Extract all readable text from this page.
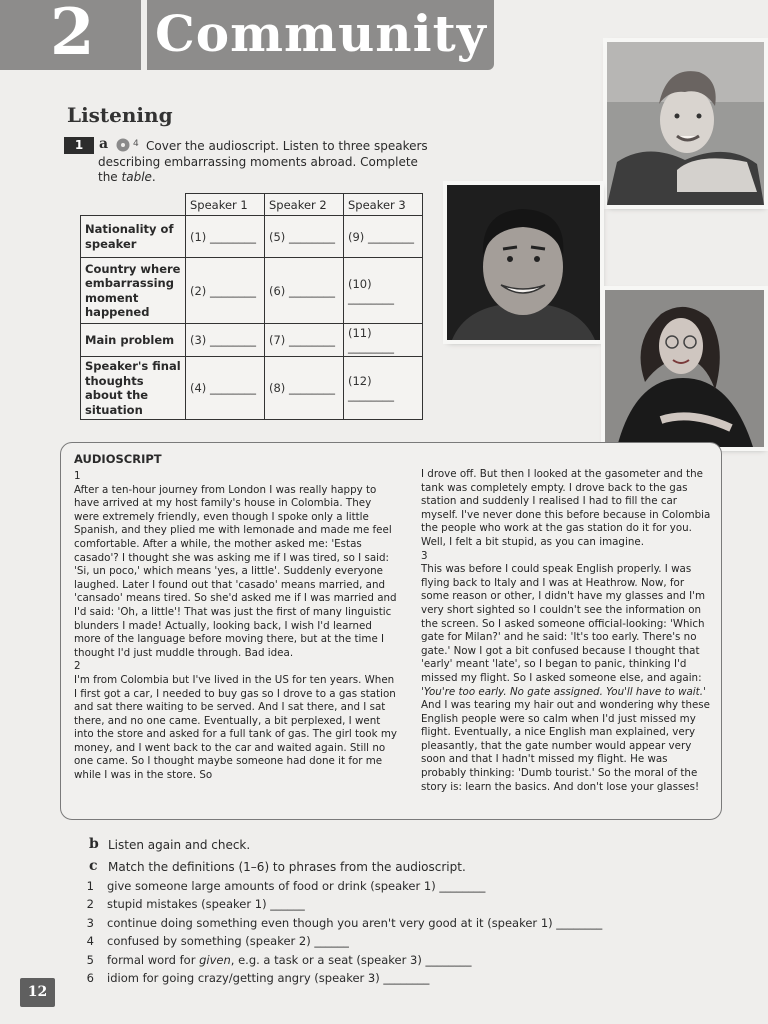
2 Community
Listening
1	a	4 Cover the audioscript. Listen to three speakers describing embarrassing moments abroad. Complete the table.
	Speaker 1	Speaker 2	Speaker 3
Nationality of speaker	(1) ________	(5) ________	(9) ________
Country where embarrassing moment happened	(2) ________	(6) ________	(10) ________
Main problem	(3) ________	(7) ________	(11) ________
Speaker's final thoughts about the situation	(4) ________	(8) ________	(12) ________
AUDIOSCRIPT

1

After a ten-hour journey from London I was really happy to have arrived at my host family's house in Colombia. They were extremely friendly, even though I spoke only a little Spanish, and they plied me with lemonade and made me feel comfortable. After a while, the mother asked me: 'Estas casado'? I thought she was asking me if I was tired, so I said: 'Si, un poco,' which means 'yes, a little'. Suddenly everyone laughed. Later I found out that 'casado' means married, and 'cansado' means tired. So she'd asked me if I was married and I'd said: 'Oh, a little'! That was just the first of many linguistic blunders I made! Actually, looking back, I wish I'd learned more of the language before moving there, but at the time I thought I'd just muddle through. Bad idea.

2

I'm from Colombia but I've lived in the US for ten years. When I first got a car, I needed to buy gas so I drove to a gas station and sat there waiting to be served. And I sat there, and I sat there, and no one came. Eventually, a bit perplexed, I went into the store and asked for a full tank of gas. The girl took my money, and I went back to the car and waited again. Still no one came. So I thought maybe someone had done it for me while I was in the store. So

I drove off. But then I looked at the gasometer and the tank was completely empty. I drove back to the gas station and suddenly I realised I had to fill the car myself. I've never done this before because in Colombia the people who work at the gas station do it for you. Well, I felt a bit stupid, as you can imagine.

3

This was before I could speak English properly. I was flying back to Italy and I was at Heathrow. Now, for some reason or other, I didn't have my glasses and I'm very short sighted so I couldn't see the information on the screen. So I asked someone official-looking: 'Which gate for Milan?' and he said: 'It's too early. There's no gate.' Now I got a bit confused because I thought that 'early' meant 'late', so I began to panic, thinking I'd missed my flight. So I asked someone else, and again: 'You're too early. No gate assigned. You'll have to wait.' And I was tearing my hair out and wondering why these English people were so calm when I'd just missed my flight. Eventually, a nice English man explained, very pleasantly, that the gate number would appear very soon and that I hadn't missed my flight. He was probably thinking: 'Dumb tourist.' So the moral of the story is: learn the basics. And don't lose your glasses!

b Listen again and check.
c Match the definitions (1–6) to phrases from the audioscript.
1 give someone large amounts of food or drink (speaker 1) ________
2 stupid mistakes (speaker 1) ______
3 continue doing something even though you aren't very good at it (speaker 1) ________
4 confused by something (speaker 2) ______
5 formal word for given, e.g. a task or a seat (speaker 3) ________
6 idiom for going crazy/getting angry (speaker 3) ________
12
